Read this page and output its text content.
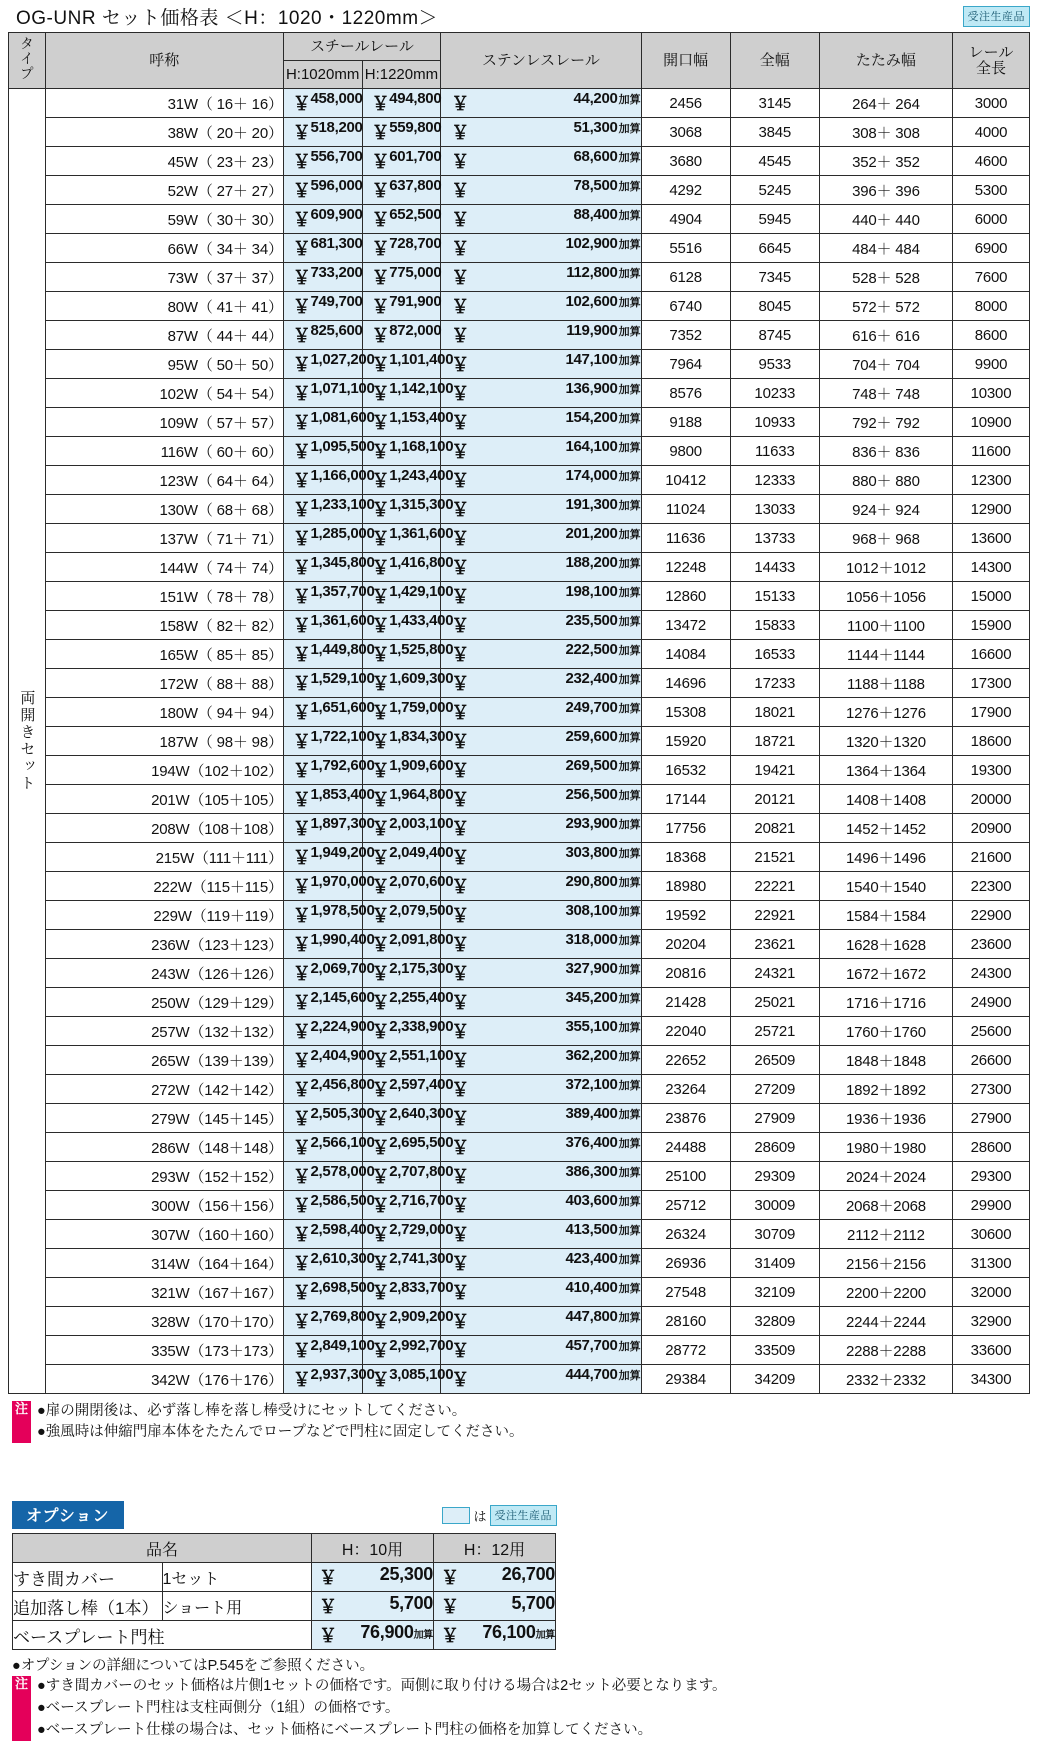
OG-UNR セット価格表 ＜H：1020・1220mm＞	受注生産品
タイプ	呼称	スチールレール		ステンレスレール	開口幅	全幅	たたみ幅	レール
全長
		H:1020mm	H:1220mm					

両開きセット	31W（ 16＋ 16）	￥ 458,000	￥ 494,800	￥ 44,200加算	2456	3145	264＋ 264	3000
	38W（ 20＋ 20）	￥ 518,200	￥ 559,800	￥ 51,300加算	3068	3845	308＋ 308	4000
	45W（ 23＋ 23）	￥ 556,700	￥ 601,700	￥ 68,600加算	3680	4545	352＋ 352	4600
	52W（ 27＋ 27）	￥ 596,000	￥ 637,800	￥ 78,500加算	4292	5245	396＋ 396	5300
	59W（ 30＋ 30）	￥ 609,900	￥ 652,500	￥ 88,400加算	4904	5945	440＋ 440	6000
	66W（ 34＋ 34）	￥ 681,300	￥ 728,700	￥ 102,900加算	5516	6645	484＋ 484	6900
	73W（ 37＋ 37）	￥ 733,200	￥ 775,000	￥ 112,800加算	6128	7345	528＋ 528	7600
	80W（ 41＋ 41）	￥ 749,700	￥ 791,900	￥ 102,600加算	6740	8045	572＋ 572	8000
	87W（ 44＋ 44）	￥ 825,600	￥ 872,000	￥ 119,900加算	7352	8745	616＋ 616	8600
	95W（ 50＋ 50）	￥ 1,027,200	￥ 1,101,400	￥ 147,100加算	7964	9533	704＋ 704	9900
	102W（ 54＋ 54）	￥ 1,071,100	￥ 1,142,100	￥ 136,900加算	8576	10233	748＋ 748	10300
	109W（ 57＋ 57）	￥ 1,081,600	￥ 1,153,400	￥ 154,200加算	9188	10933	792＋ 792	10900
	116W（ 60＋ 60）	￥ 1,095,500	￥ 1,168,100	￥ 164,100加算	9800	11633	836＋ 836	11600
	123W（ 64＋ 64）	￥ 1,166,000	￥ 1,243,400	￥ 174,000加算	10412	12333	880＋ 880	12300
	130W（ 68＋ 68）	￥ 1,233,100	￥ 1,315,300	￥ 191,300加算	11024	13033	924＋ 924	12900
	137W（ 71＋ 71）	￥ 1,285,000	￥ 1,361,600	￥ 201,200加算	11636	13733	968＋ 968	13600
	144W（ 74＋ 74）	￥ 1,345,800	￥ 1,416,800	￥ 188,200加算	12248	14433	1012＋1012	14300
	151W（ 78＋ 78）	￥ 1,357,700	￥ 1,429,100	￥ 198,100加算	12860	15133	1056＋1056	15000
	158W（ 82＋ 82）	￥ 1,361,600	￥ 1,433,400	￥ 235,500加算	13472	15833	1100＋1100	15900
	165W（ 85＋ 85）	￥ 1,449,800	￥ 1,525,800	￥ 222,500加算	14084	16533	1144＋1144	16600
	172W（ 88＋ 88）	￥ 1,529,100	￥ 1,609,300	￥ 232,400加算	14696	17233	1188＋1188	17300
	180W（ 94＋ 94）	￥ 1,651,600	￥ 1,759,000	￥ 249,700加算	15308	18021	1276＋1276	17900
	187W（ 98＋ 98）	￥ 1,722,100	￥ 1,834,300	￥ 259,600加算	15920	18721	1320＋1320	18600
	194W（102＋102）	￥ 1,792,600	￥ 1,909,600	￥ 269,500加算	16532	19421	1364＋1364	19300
	201W（105＋105）	￥ 1,853,400	￥ 1,964,800	￥ 256,500加算	17144	20121	1408＋1408	20000
	208W（108＋108）	￥ 1,897,300	￥ 2,003,100	￥ 293,900加算	17756	20821	1452＋1452	20900
	215W（111＋111）	￥ 1,949,200	￥ 2,049,400	￥ 303,800加算	18368	21521	1496＋1496	21600
	222W（115＋115）	￥ 1,970,000	￥ 2,070,600	￥ 290,800加算	18980	22221	1540＋1540	22300
	229W（119＋119）	￥ 1,978,500	￥ 2,079,500	￥ 308,100加算	19592	22921	1584＋1584	22900
	236W（123＋123）	￥ 1,990,400	￥ 2,091,800	￥ 318,000加算	20204	23621	1628＋1628	23600
	243W（126＋126）	￥ 2,069,700	￥ 2,175,300	￥ 327,900加算	20816	24321	1672＋1672	24300
	250W（129＋129）	￥ 2,145,600	￥ 2,255,400	￥ 345,200加算	21428	25021	1716＋1716	24900
	257W（132＋132）	￥ 2,224,900	￥ 2,338,900	￥ 355,100加算	22040	25721	1760＋1760	25600
	265W（139＋139）	￥ 2,404,900	￥ 2,551,100	￥ 362,200加算	22652	26509	1848＋1848	26600
	272W（142＋142）	￥ 2,456,800	￥ 2,597,400	￥ 372,100加算	23264	27209	1892＋1892	27300
	279W（145＋145）	￥ 2,505,300	￥ 2,640,300	￥ 389,400加算	23876	27909	1936＋1936	27900
	286W（148＋148）	￥ 2,566,100	￥ 2,695,500	￥ 376,400加算	24488	28609	1980＋1980	28600
	293W（152＋152）	￥ 2,578,000	￥ 2,707,800	￥ 386,300加算	25100	29309	2024＋2024	29300
	300W（156＋156）	￥ 2,586,500	￥ 2,716,700	￥ 403,600加算	25712	30009	2068＋2068	29900
	307W（160＋160）	￥ 2,598,400	￥ 2,729,000	￥ 413,500加算	26324	30709	2112＋2112	30600
	314W（164＋164）	￥ 2,610,300	￥ 2,741,300	￥ 423,400加算	26936	31409	2156＋2156	31300
	321W（167＋167）	￥ 2,698,500	￥ 2,833,700	￥ 410,400加算	27548	32109	2200＋2200	32000
	328W（170＋170）	￥ 2,769,800	￥ 2,909,200	￥ 447,800加算	28160	32809	2244＋2244	32900
	335W（173＋173）	￥ 2,849,100	￥ 2,992,700	￥ 457,700加算	28772	33509	2288＋2288	33600
	342W（176＋176）	￥ 2,937,300	￥ 3,085,100	￥ 444,700加算	29384	34209	2332＋2332	34300
注 ●扉の開閉後は、必ず落し棒を落し棒受けにセットしてください。
●強風時は伸縮門扉本体をたたんでロープなどで門柱に固定してください。
オプション	は 受注生産品
品名		H：10用	H：12用
すき間カバー	1セット	￥ 25,300	￥ 26,700
追加落し棒（1本）	ショート用	￥ 5,700	￥ 5,700
ベースプレート門柱		￥ 76,900加算	￥ 76,100加算
●オプションの詳細についてはP.545をご参照ください。
注 ●すき間カバーのセット価格は片側1セットの価格です。両側に取り付ける場合は2セット必要となります。
●ベースプレート門柱は支柱両側分（1組）の価格です。
●ベースプレート仕様の場合は、セット価格にベースプレート門柱の価格を加算してください。
